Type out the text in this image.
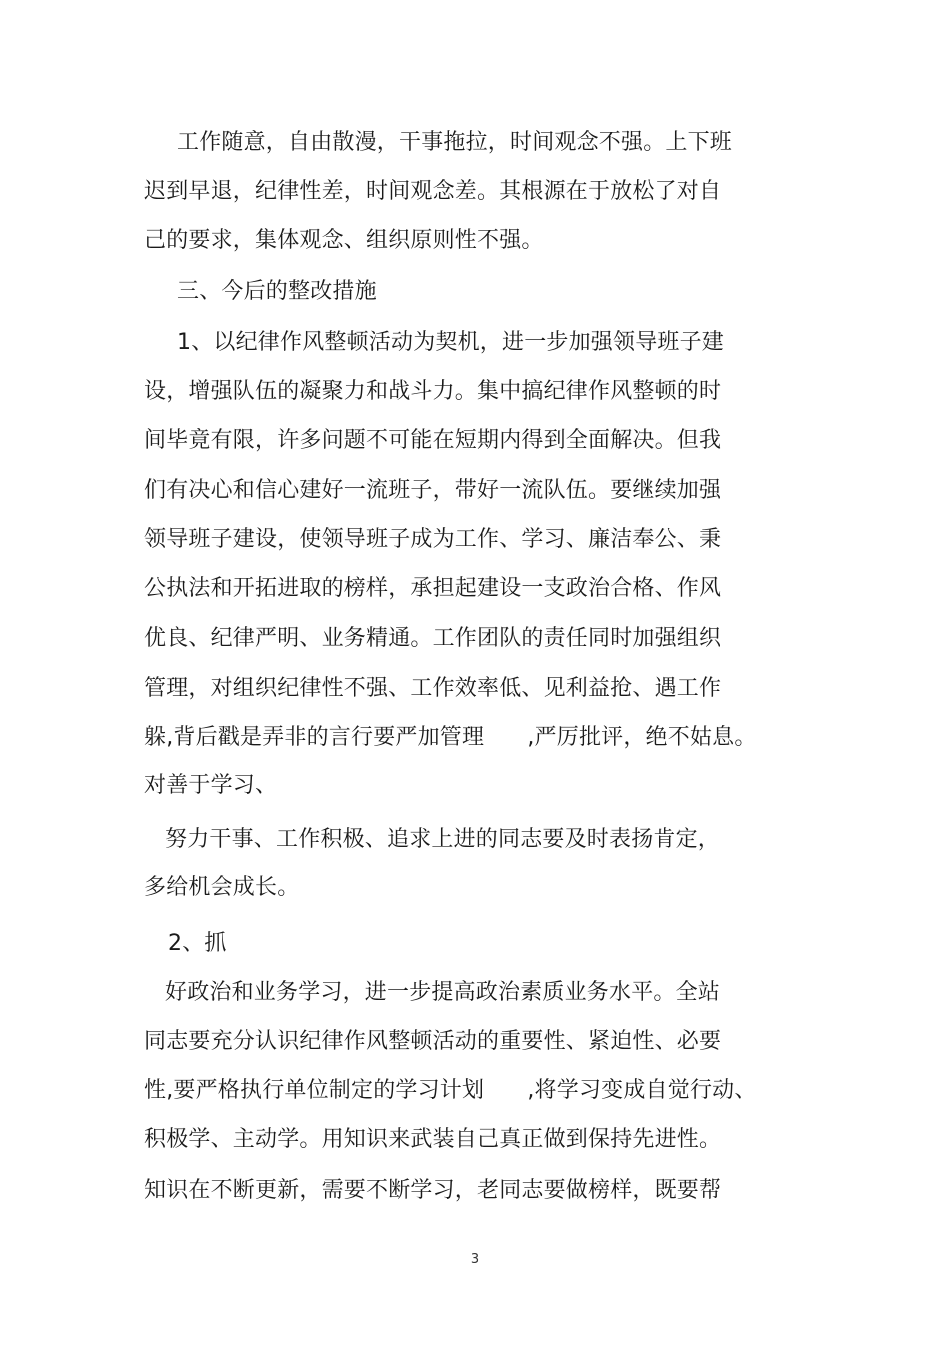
工作随意，自由散漫，干事拖拉，时间观念不强。上下班
迟到早退，纪律性差，时间观念差。其根源在于放松了对自
己的要求，集体观念、组织原则性不强。
三、今后的整改措施
1、以纪律作风整顿活动为契机，进一步加强领导班子建
设，增强队伍的凝聚力和战斗力。集中搞纪律作风整顿的时
间毕竟有限，许多问题不可能在短期内得到全面解决。但我
们有决心和信心建好一流班子，带好一流队伍。要继续加强
领导班子建设，使领导班子成为工作、学习、廉洁奉公、秉
公执法和开拓进取的榜样，承担起建设一支政治合格、作风
优良、纪律严明、业务精通。工作团队的责任同时加强组织
管理，对组织纪律性不强、工作效率低、见利益抢、遇工作
躲,背后戳是弄非的言行要严加管理      ,严厉批评，绝不姑息。
对善于学习、
努力干事、工作积极、追求上进的同志要及时表扬肯定，
多给机会成长。
2、抓
好政治和业务学习，进一步提高政治素质业务水平。全站
同志要充分认识纪律作风整顿活动的重要性、紧迫性、必要
性,要严格执行单位制定的学习计划      ,将学习变成自觉行动、
积极学、主动学。用知识来武装自己真正做到保持先进性。
知识在不断更新，需要不断学习，老同志要做榜样，既要帮
3
